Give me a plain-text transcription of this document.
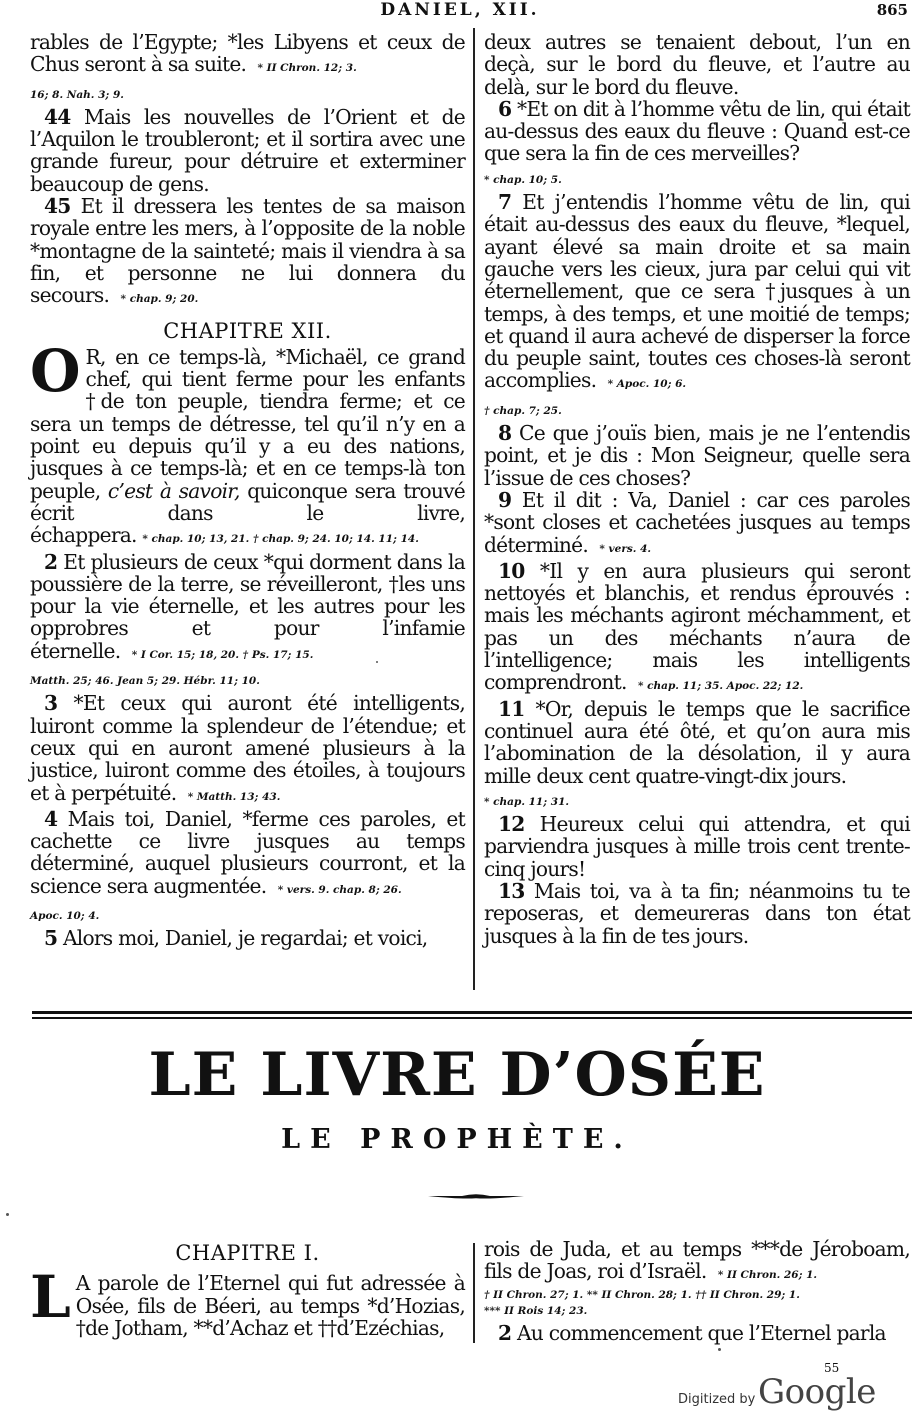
DANIEL, XII.	865

rables de l’Egypte; *les Libyens et ceux de Chus seront à sa suite. * II Chron. 12; 3.
16; 8. Nah. 3; 9.

44 Mais les nouvelles de l’Orient et de l’Aquilon le troubleront; et il sortira avec une grande fureur, pour détruire et exterminer beaucoup de gens.

45 Et il dressera les tentes de sa maison royale entre les mers, à l’opposite de la noble *montagne de la sainteté; mais il viendra à sa fin, et personne ne lui donnera du secours. * chap. 9; 20.

CHAPITRE XII.

O R, en ce temps-là, *Michaël, ce grand chef, qui tient ferme pour les enfants †de ton peuple, tiendra ferme; et ce sera un temps de détresse, tel qu’il n’y en a point eu depuis qu’il y a eu des nations, jusques à ce temps-là; et en ce temps-là ton peuple, c’est à savoir, quiconque sera trouvé écrit dans le livre, échappera. * chap. 10; 13, 21. † chap. 9; 24. 10; 14. 11; 14.

2 Et plusieurs de ceux *qui dorment dans la poussière de la terre, se réveilleront, †les uns pour la vie éternelle, et les autres pour les opprobres et pour l’infamie éternelle. * I Cor. 15; 18, 20. † Ps. 17; 15.
Matth. 25; 46. Jean 5; 29. Hébr. 11; 10.

3 *Et ceux qui auront été intelligents, luiront comme la splendeur de l’étendue; et ceux qui en auront amené plusieurs à la justice, luiront comme des étoiles, à toujours et à perpétuité. * Matth. 13; 43.

4 Mais toi, Daniel, *ferme ces paroles, et cachette ce livre jusques au temps déterminé, auquel plusieurs courront, et la science sera augmentée. * vers. 9. chap. 8; 26.
Apoc. 10; 4.

5 Alors moi, Daniel, je regardai; et voici,

deux autres se tenaient debout, l’un en deçà, sur le bord du fleuve, et l’autre au delà, sur le bord du fleuve.

6 *Et on dit à l’homme vêtu de lin, qui était au-dessus des eaux du fleuve : Quand est-ce que sera la fin de ces merveilles?
* chap. 10; 5.

7 Et j’entendis l’homme vêtu de lin, qui était au-dessus des eaux du fleuve, *lequel, ayant élevé sa main droite et sa main gauche vers les cieux, jura par celui qui vit éternellement, que ce sera †jusques à un temps, à des temps, et une moitié de temps; et quand il aura achevé de disperser la force du peuple saint, toutes ces choses-là seront accomplies. * Apoc. 10; 6.
† chap. 7; 25.

8 Ce que j’ouïs bien, mais je ne l’entendis point, et je dis : Mon Seigneur, quelle sera l’issue de ces choses?

9 Et il dit : Va, Daniel : car ces paroles *sont closes et cachetées jusques au temps déterminé. * vers. 4.

10 *Il y en aura plusieurs qui seront nettoyés et blanchis, et rendus éprouvés : mais les méchants agiront méchamment, et pas un des méchants n’aura de l’intelligence; mais les intelligents comprendront. * chap. 11; 35. Apoc. 22; 12.

11 *Or, depuis le temps que le sacrifice continuel aura été ôté, et qu’on aura mis l’abomination de la désolation, il y aura mille deux cent quatre-vingt-dix jours.
* chap. 11; 31.

12 Heureux celui qui attendra, et qui parviendra jusques à mille trois cent trente-cinq jours!

13 Mais toi, va à ta fin; néanmoins tu te reposeras, et demeureras dans ton état jusques à la fin de tes jours.

LE LIVRE D’OSÉE
LE PROPHÈTE.
CHAPITRE I.

L A parole de l’Eternel qui fut adressée à Osée, fils de Béeri, au temps *d’Hozias, †de Jotham, **d’Achaz et ††d’Ezéchias,

rois de Juda, et au temps ***de Jéroboam, fils de Joas, roi d’Israël. * II Chron. 26; 1.

† II Chron. 27; 1. ** II Chron. 28; 1. †† II Chron. 29; 1.
*** II Rois 14; 23.

2 Au commencement que l’Eternel parla

55
Digitized by Google
